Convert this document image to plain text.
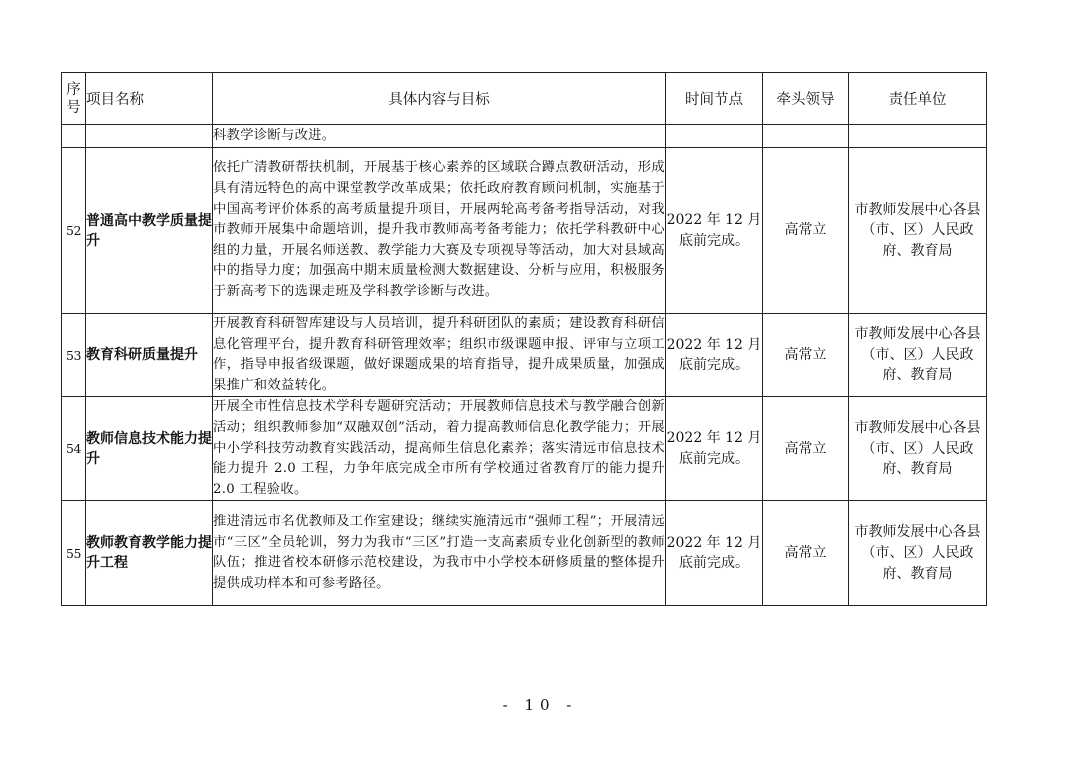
序号	项目名称	具体内容与目标	时间节点	牵头领导	责任单位
		科教学诊断与改进。			
52	普通高中教学质量提升	依托广清教研帮扶机制，开展基于核心素养的区域联合蹲点教研活动，形成具有清远特色的高中课堂教学改革成果；依托政府教育顾问机制，实施基于中国高考评价体系的高考质量提升项目，开展两轮高考备考指导活动，对我市教师开展集中命题培训，提升我市教师高考备考能力；依托学科教研中心组的力量，开展名师送教、教学能力大赛及专项视导等活动，加大对县域高中的指导力度；加强高中期末质量检测大数据建设、分析与应用，积极服务于新高考下的选课走班及学科教学诊断与改进。	2022 年 12 月底前完成。	高常立	市教师发展中心各县（市、区）人民政府、教育局
53	教育科研质量提升	开展教育科研智库建设与人员培训，提升科研团队的素质；建设教育科研信息化管理平台，提升教育科研管理效率；组织市级课题申报、评审与立项工作，指导申报省级课题，做好课题成果的培育指导，提升成果质量，加强成果推广和效益转化。	2022 年 12 月底前完成。	高常立	市教师发展中心各县（市、区）人民政府、教育局
54	教师信息技术能力提升	开展全市性信息技术学科专题研究活动；开展教师信息技术与教学融合创新活动；组织教师参加“双融双创”活动，着力提高教师信息化教学能力；开展中小学科技劳动教育实践活动，提高师生信息化素养；落实清远市信息技术能力提升 2.0 工程，力争年底完成全市所有学校通过省教育厅的能力提升 2.0 工程验收。	2022 年 12 月底前完成。	高常立	市教师发展中心各县（市、区）人民政府、教育局
55	教师教育教学能力提升工程	推进清远市名优教师及工作室建设；继续实施清远市“强师工程”；开展清远市“三区”全员轮训，努力为我市“三区”打造一支高素质专业化创新型的教师队伍；推进省校本研修示范校建设，为我市中小学校本研修质量的整体提升提供成功样本和可参考路径。	2022 年 12 月底前完成。	高常立	市教师发展中心各县（市、区）人民政府、教育局
- 10 -
